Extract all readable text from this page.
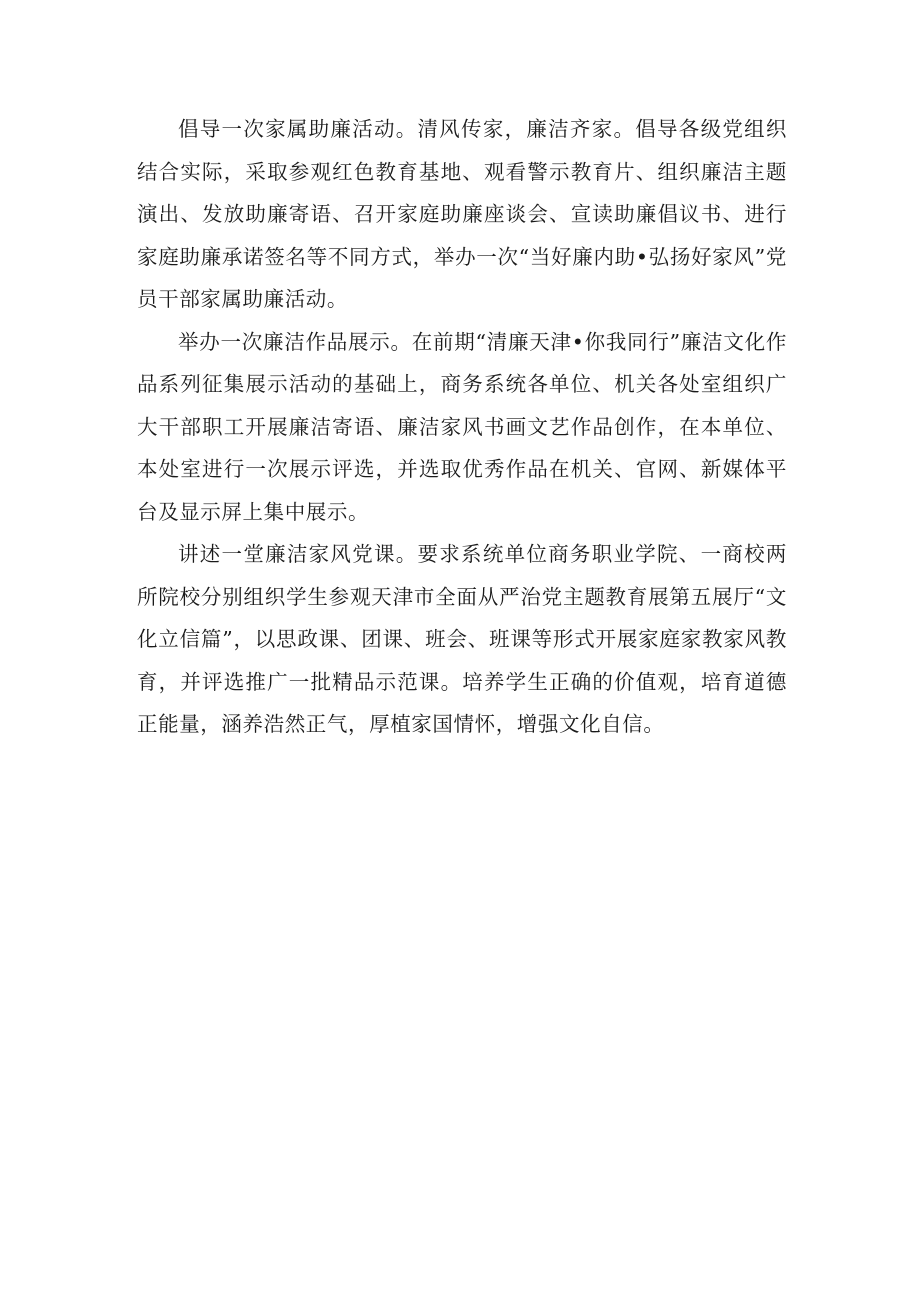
倡导一次家属助廉活动。清风传家，廉洁齐家。倡导各级党组织结合实际，采取参观红色教育基地、观看警示教育片、组织廉洁主题演出、发放助廉寄语、召开家庭助廉座谈会、宣读助廉倡议书、进行家庭助廉承诺签名等不同方式，举办一次“当好廉内助•弘扬好家风”党员干部家属助廉活动。

举办一次廉洁作品展示。在前期“清廉天津•你我同行”廉洁文化作品系列征集展示活动的基础上，商务系统各单位、机关各处室组织广大干部职工开展廉洁寄语、廉洁家风书画文艺作品创作，在本单位、本处室进行一次展示评选，并选取优秀作品在机关、官网、新媒体平台及显示屏上集中展示。

讲述一堂廉洁家风党课。要求系统单位商务职业学院、一商校两所院校分别组织学生参观天津市全面从严治党主题教育展第五展厅“文化立信篇”，以思政课、团课、班会、班课等形式开展家庭家教家风教育，并评选推广一批精品示范课。培养学生正确的价值观，培育道德正能量，涵养浩然正气，厚植家国情怀，增强文化自信。
